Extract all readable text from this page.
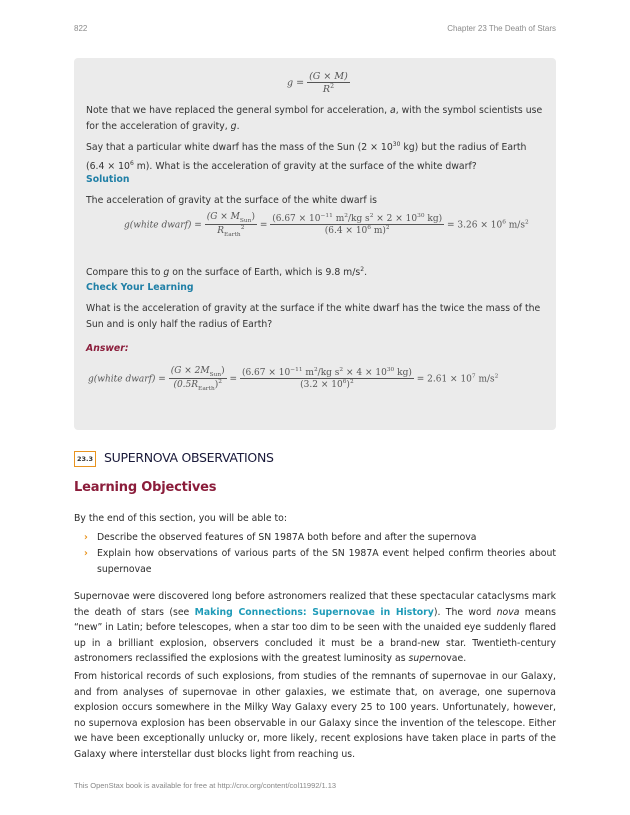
822	Chapter 23 The Death of Stars
$g = \frac{(G \times M)}{R^2}$
Note that we have replaced the general symbol for acceleration, a, with the symbol scientists use for the acceleration of gravity, g.
Say that a particular white dwarf has the mass of the Sun ($2 \times 10^{30}$ kg) but the radius of Earth ($6.4 \times 10^6$ m). What is the acceleration of gravity at the surface of the white dwarf?
Solution
The acceleration of gravity at the surface of the white dwarf is
g(white dwarf) = $\frac{(G \times M_{Sun})}{R_{Earth}^2} = \frac{(6.67 \times 10^{-11} m^2/kg s^2 \times 2 \times 10^{30} kg)}{(6.4 \times 10^6 m)^2} = 3.26 \times 10^6$ $m/s^2$
Compare this to g on the surface of Earth, which is 9.8 $m/s^2$.
Check Your Learning
What is the acceleration of gravity at the surface if the white dwarf has the twice the mass of the Sun and is only half the radius of Earth?
Answer:
g(white dwarf) = $\frac{(G \times 2M_{Sun})}{(0.5R_{Earth})^2} = \frac{(6.67 \times 10^{-11} m^2/kg s^2 \times 4 \times 10^{30} kg)}{(3.2 \times 10^6)^2} = 2.61 \times 10^7$ $m/s^2$
23.3 SUPERNOVA OBSERVATIONS
Learning Objectives
By the end of this section, you will be able to:
› Describe the observed features of SN 1987A both before and after the supernova
› Explain how observations of various parts of the SN 1987A event helped confirm theories about supernovae
Supernovae were discovered long before astronomers realized that these spectacular cataclysms mark the death of stars (see Making Connections: Supernovae in History). The word nova means “new” in Latin; before telescopes, when a star too dim to be seen with the unaided eye suddenly flared up in a brilliant explosion, observers concluded it must be a brand-new star. Twentieth-century astronomers reclassified the explosions with the greatest luminosity as supernovae.
From historical records of such explosions, from studies of the remnants of supernovae in our Galaxy, and from analyses of supernovae in other galaxies, we estimate that, on average, one supernova explosion occurs somewhere in the Milky Way Galaxy every 25 to 100 years. Unfortunately, however, no supernova explosion has been observable in our Galaxy since the invention of the telescope. Either we have been exceptionally unlucky or, more likely, recent explosions have taken place in parts of the Galaxy where interstellar dust blocks light from reaching us.
This OpenStax book is available for free at http://cnx.org/content/col11992/1.13
